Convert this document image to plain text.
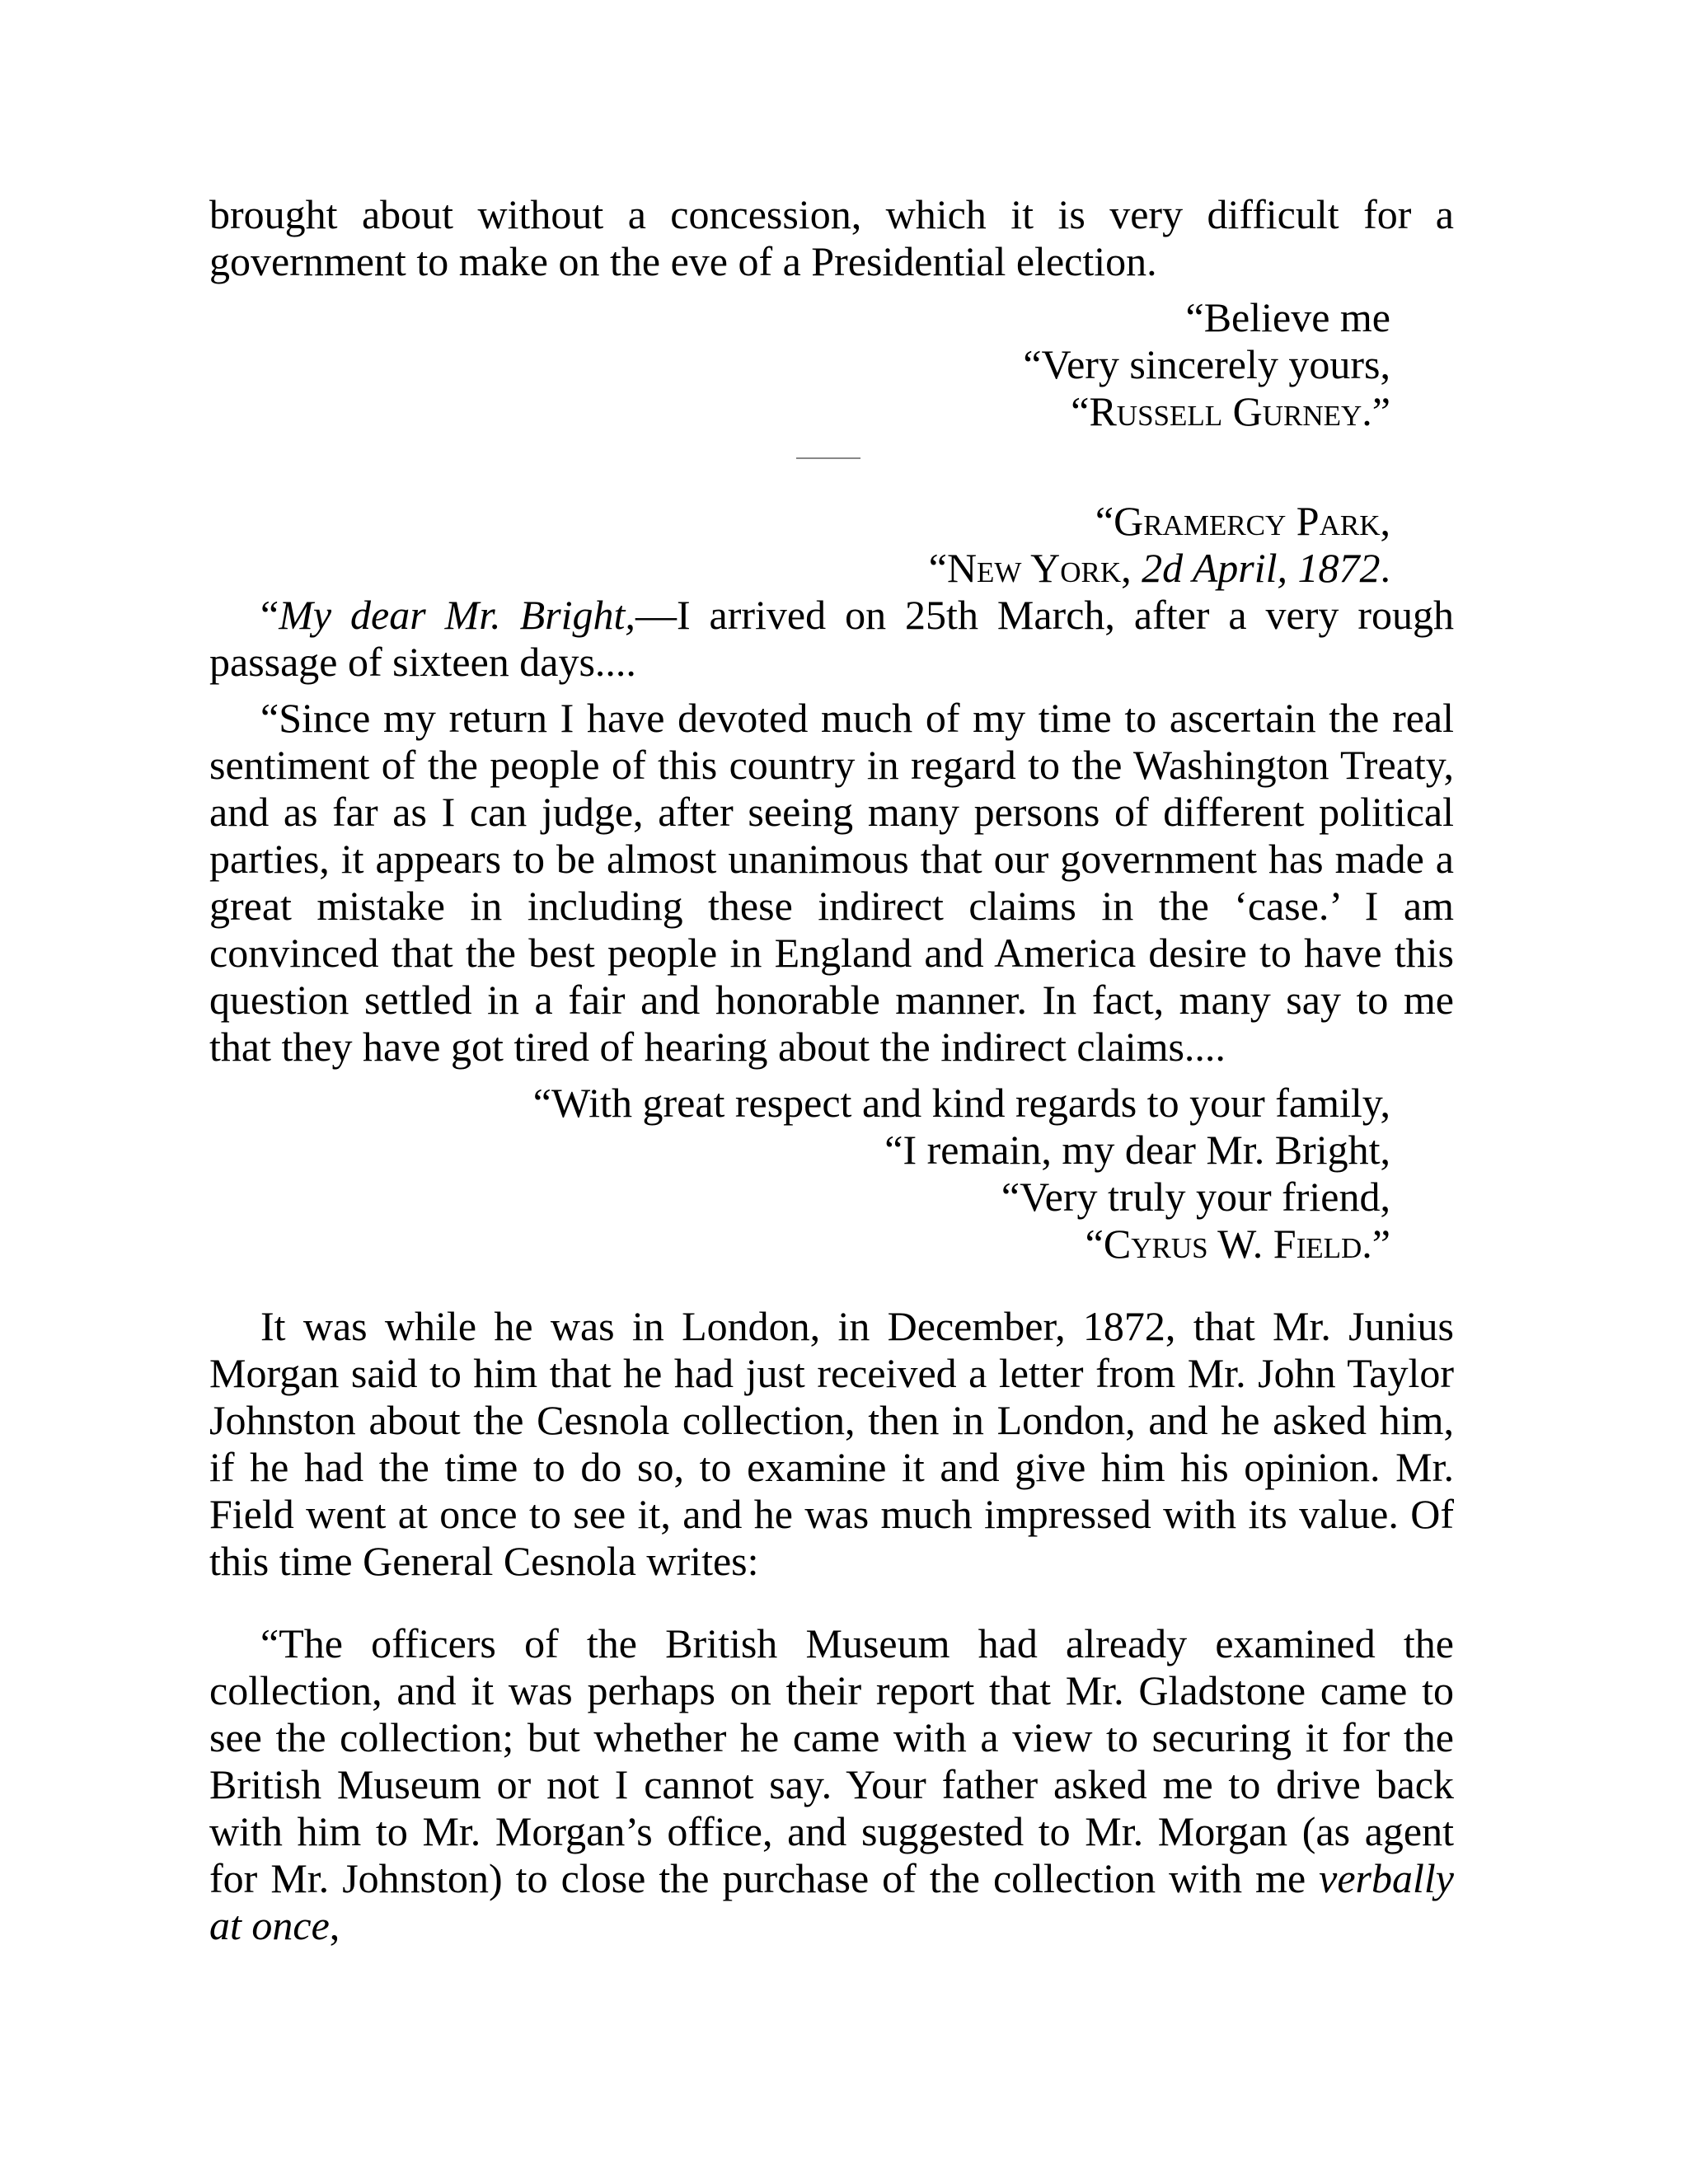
brought about without a concession, which it is very difficult for a government to make on the eve of a Presidential election.

“Believe me

“Very sincerely yours,

“Russell Gurney.”

“Gramercy Park,

“New York, 2d April, 1872.

“My dear Mr. Bright,—I arrived on 25th March, after a very rough passage of sixteen days....

“Since my return I have devoted much of my time to ascertain the real sentiment of the people of this country in regard to the Washington Treaty, and as far as I can judge, after seeing many persons of different political parties, it appears to be almost unanimous that our government has made a great mistake in including these indirect claims in the ‘case.’ I am convinced that the best people in England and America desire to have this question settled in a fair and honorable manner. In fact, many say to me that they have got tired of hearing about the indirect claims....

“With great respect and kind regards to your family,

“I remain, my dear Mr. Bright,

“Very truly your friend,

“Cyrus W. Field.”

It was while he was in London, in December, 1872, that Mr. Junius Morgan said to him that he had just received a letter from Mr. John Taylor Johnston about the Cesnola collection, then in London, and he asked him, if he had the time to do so, to examine it and give him his opinion. Mr. Field went at once to see it, and he was much impressed with its value. Of this time General Cesnola writes:

“The officers of the British Museum had already examined the collection, and it was perhaps on their report that Mr. Gladstone came to see the collection; but whether he came with a view to securing it for the British Museum or not I cannot say. Your father asked me to drive back with him to Mr. Morgan’s office, and suggested to Mr. Morgan (as agent for Mr. Johnston) to close the purchase of the collection with me verbally at once,
